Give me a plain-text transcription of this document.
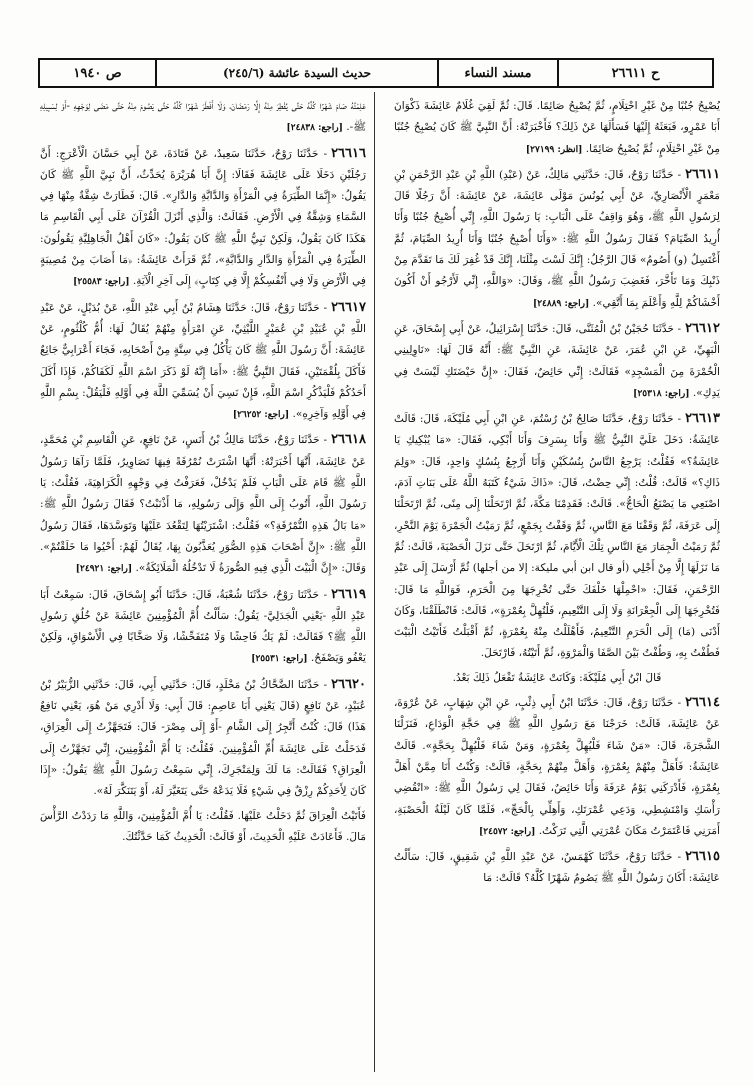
ص ١٩٤٠	حديث السيدة عائشة (٢٤٥/٦)	مسند النساء	ح ٢٦٦١١

يُصْبِحُ جُنُبًا مِنْ غَيْرِ احْتِلَامٍ، ثُمَّ يُصْبِحُ صَائِمًا. قَالَ: ثُمَّ لَقِيَ غُلَامٌ عَائِشَةَ ذَكْوَانَ أَبَا عَمْرٍو، فَبَعَثَهُ إِلَيْهَا فَسَأَلَهَا عَنْ ذَلِكَ؟ فَأَخْبَرَتْهُ: أَنَّ النَّبِيَّ ﷺ كَانَ يُصْبِحُ جُنُبًا مِنْ غَيْرِ احْتِلَامٍ، ثُمَّ يُصْبِحُ صَائِمًا. [انظر: ٢٧١٩٩]

٢٦٦١١- حَدَّثَنَا رَوْحٌ، قَالَ: حَدَّثَنِي مَالِكٌ، عَنْ (عَبْدِ) اللَّهِ بْنِ عَبْدِ الرَّحْمَنِ بْنِ مَعْمَرٍ الْأَنْصَارِيِّ، عَنْ أَبِي يُونُسَ مَوْلَى عَائِشَةَ، عَنْ عَائِشَةَ: أَنَّ رَجُلًا قَالَ لِرَسُولِ اللَّهِ ﷺ، وَهُوَ وَاقِفٌ عَلَى الْبَابِ: يَا رَسُولَ اللَّهِ، إِنِّي أُصْبِحُ جُنُبًا وَأَنَا أُرِيدُ الصِّيَامَ؟ فَقَالَ رَسُولُ اللَّهِ ﷺ: «وَأَنَا أُصْبِحُ جُنُبًا وَأَنَا أُرِيدُ الصِّيَامَ، ثُمَّ أَغْتَسِلُ (و) أَصُومُ» قَالَ الرَّجُلُ: إِنَّكَ لَسْتَ مِثْلَنَا، إِنَّكَ قَدْ غُفِرَ لَكَ مَا تَقَدَّمَ مِنْ ذَنْبِكَ وَمَا تَأَخَّرَ، فَغَضِبَ رَسُولُ اللَّهِ ﷺ، وَقَالَ: «وَاللَّهِ، إِنِّي لَأَرْجُو أَنْ أَكُونَ أَخْشَاكُمْ لِلَّهِ وَأَعْلَمَ بِمَا أَتَّقِي». [راجع: ٢٤٨٨٩]

٢٦٦١٢- حَدَّثَنَا حُجَيْنُ بْنُ الْمُثَنَّى، قَالَ: حَدَّثَنَا إِسْرَائِيلُ، عَنْ أَبِي إِسْحَاقَ، عَنِ الْبَهِيِّ، عَنِ ابْنِ عُمَرَ، عَنْ عَائِشَةَ، عَنِ النَّبِيِّ ﷺ: أَنَّهُ قَالَ لَهَا: «نَاوِلِينِي الْخُمْرَةَ مِنَ الْمَسْجِدِ» فَقَالَتْ: إِنِّي حَائِضٌ، فَقَالَ: «إِنَّ حَيْضَتَكِ لَيْسَتْ فِي يَدِكِ». [راجع: ٢٥٣١٨]

٢٦٦١٣- حَدَّثَنَا رَوْحٌ، حَدَّثَنَا صَالِحُ بْنُ رُسْتُمَ، عَنِ ابْنِ أَبِي مُلَيْكَةَ، قَالَ: قَالَتْ عَائِشَةُ: دَخَلَ عَلَيَّ النَّبِيُّ ﷺ وَأَنَا بِسَرِفَ وَأَنَا أَبْكِي، فَقَالَ: «مَا يُبْكِيكِ يَا عَائِشَةُ؟» فَقُلْتُ: يَرْجِعُ النَّاسُ بِنُسُكَيْنِ وَأَنَا أَرْجِعُ بِنُسُكٍ وَاحِدٍ، قَالَ: «وَلِمَ ذَاكِ؟» قَالَتْ: قُلْتُ: إِنِّي حِضْتُ، قَالَ: «ذَاكَ شَيْءٌ كَتَبَهُ اللَّهُ عَلَى بَنَاتِ آدَمَ، اصْنَعِي مَا يَصْنَعُ الْحَاجُّ». قَالَتْ: فَقَدِمْنَا مَكَّةَ، ثُمَّ ارْتَحَلْنَا إِلَى مِنًى، ثُمَّ ارْتَحَلْنَا إِلَى عَرَفَةَ، ثُمَّ وَقَفْنَا مَعَ النَّاسِ، ثُمَّ وَقَفْتُ بِجَمْعٍ، ثُمَّ رَمَيْتُ الْجَمْرَةَ يَوْمَ النَّحْرِ، ثُمَّ رَمَيْتُ الْجِمَارَ مَعَ النَّاسِ تِلْكَ الْأَيَّامَ، ثُمَّ ارْتَحَلَ حَتَّى نَزَلَ الْحَصْبَةَ، قَالَتْ: ثُمَّ مَا نَزَلَهَا إِلَّا مِنْ أَجْلِي (أو قال ابن أبي مليكة: إلا من أجلها) ثُمَّ أَرْسَلَ إِلَى عَبْدِ الرَّحْمَنِ، فَقَالَ: «احْمِلْهَا خَلْفَكَ حَتَّى تُخْرِجَهَا مِنَ الْحَرَمِ، فَوَاللَّهِ مَا قَالَ: فَتُخْرِجَهَا إِلَى الْجِعْرَانَةِ وَلَا إِلَى التَّنْعِيمِ، فَلْتُهِلَّ بِعُمْرَةٍ»، قَالَتْ: فَانْطَلَقْنَا، وَكَانَ أَدْنَى (مَا) إِلَى الْحَرَمِ التَّنْعِيمُ، فَأَهْلَلْتُ مِنْهُ بِعُمْرَةٍ، ثُمَّ أَقْبَلْتُ فَأَتَيْتُ الْبَيْتَ فَطُفْتُ بِهِ، وَطُفْتُ بَيْنَ الصَّفَا وَالْمَرْوَةِ، ثُمَّ أَتَيْتُهُ، فَارْتَحَلَ.

قَالَ ابْنُ أَبِي مُلَيْكَةَ: وَكَانَتْ عَائِشَةُ تَفْعَلُ ذَلِكَ بَعْدُ.

٢٦٦١٤- حَدَّثَنَا رَوْحٌ، قَالَ: حَدَّثَنَا ابْنُ أَبِي ذِئْبٍ، عَنِ ابْنِ شِهَابٍ، عَنْ عُرْوَةَ، عَنْ عَائِشَةَ، قَالَتْ: خَرَجْنَا مَعَ رَسُولِ اللَّهِ ﷺ فِي حَجَّةِ الْوَدَاعِ، فَنَزَلْنَا الشَّجَرَةَ، قَالَ: «مَنْ شَاءَ فَلْيُهِلَّ بِعُمْرَةٍ، وَمَنْ شَاءَ فَلْيُهِلَّ بِحَجَّةٍ». قَالَتْ عَائِشَةُ: فَأَهَلَّ مِنْهُمْ بِعُمْرَةٍ، وَأَهَلَّ مِنْهُمْ بِحَجَّةٍ، قَالَتْ: وَكُنْتُ أَنَا مِمَّنْ أَهَلَّ بِعُمْرَةٍ، فَأَدْرَكَنِي يَوْمُ عَرَفَةَ وَأَنَا حَائِضٌ، فَقَالَ لِي رَسُولُ اللَّهِ ﷺ: «انْقُضِي رَأْسَكِ وَامْتَشِطِي، وَدَعِي عُمْرَتَكِ، وَأَهِلِّي بِالْحَجِّ»، فَلَمَّا كَانَ لَيْلَةُ الْحَصْبَةِ، أَمَرَنِي فَاعْتَمَرْتُ مَكَانَ عُمْرَتِي الَّتِي تَرَكْتُ. [راجع: ٢٤٥٧٢]

٢٦٦١٥- حَدَّثَنَا رَوْحٌ، حَدَّثَنَا كَهْمَسٌ، عَنْ عَبْدِ اللَّهِ بْنِ شَقِيقٍ، قَالَ: سَأَلْتُ عَائِشَةَ: أَكَانَ رَسُولُ اللَّهِ ﷺ يَصُومُ شَهْرًا كُلَّهُ؟ قَالَتْ: مَا

عَلِمْتُهُ صَامَ شَهْرًا كُلَّهُ حَتَّى يُفْطِرَ مِنْهُ إِلَّا رَمَضَانَ، وَلَا أَفْطَرَ شَهْرًا كُلَّهُ حَتَّى يَصُومَ مِنْهُ حَتَّى مَضَى لِوَجْهِهِ -أَوْ لِسَبِيلِهِ ﷺ-. [راجع: ٢٤٨٣٨]

٢٦٦١٦- حَدَّثَنَا رَوْحٌ، حَدَّثَنَا سَعِيدٌ، عَنْ قَتَادَةَ، عَنْ أَبِي حَسَّانَ الْأَعْرَجِ: أَنَّ رَجُلَيْنِ دَخَلَا عَلَى عَائِشَةَ فَقَالَا: إِنَّ أَبَا هُرَيْرَةَ يُحَدِّثُ، أَنَّ نَبِيَّ اللَّهِ ﷺ كَانَ يَقُولُ: «إِنَّمَا الطِّيَرَةُ فِي الْمَرْأَةِ وَالدَّابَّةِ وَالدَّارِ». قَالَ: فَطَارَتْ شِقَّةٌ مِنْهَا فِي السَّمَاءِ وَشِقَّةٌ فِي الْأَرْضِ. فَقَالَتْ: وَالَّذِي أَنْزَلَ الْقُرْآنَ عَلَى أَبِي الْقَاسِمِ مَا هَكَذَا كَانَ يَقُولُ، وَلَكِنْ نَبِيُّ اللَّهِ ﷺ كَانَ يَقُولُ: «كَانَ أَهْلُ الْجَاهِلِيَّةِ يَقُولُونَ: الطِّيَرَةُ فِي الْمَرْأَةِ وَالدَّارِ وَالدَّابَّةِ»، ثُمَّ قَرَأَتْ عَائِشَةُ: ﴿مَا أَصَابَ مِنْ مُصِيبَةٍ فِي الْأَرْضِ وَلَا فِي أَنْفُسِكُمْ إِلَّا فِي كِتَابٍ﴾ إِلَى آخِرِ الْآيَةِ. [راجع: ٢٥٥٨٣]

٢٦٦١٧- حَدَّثَنَا رَوْحٌ، قَالَ: حَدَّثَنَا هِشَامُ بْنُ أَبِي عَبْدِ اللَّهِ، عَنْ بُدَيْلٍ، عَنْ عَبْدِ اللَّهِ بْنِ عُبَيْدِ بْنِ عُمَيْرٍ اللَّيْثِيِّ، عَنِ امْرَأَةٍ مِنْهُمْ يُقَالُ لَهَا: أُمُّ كُلْثُومٍ، عَنْ عَائِشَةَ: أَنَّ رَسُولَ اللَّهِ ﷺ كَانَ يَأْكُلُ فِي سِتَّةٍ مِنْ أَصْحَابِهِ، فَجَاءَ أَعْرَابِيٌّ جَائِعٌ فَأَكَلَ بِلُقْمَتَيْنِ، فَقَالَ النَّبِيُّ ﷺ: «أَمَا إِنَّهُ لَوْ ذَكَرَ اسْمَ اللَّهِ لَكَفَاكُمْ، فَإِذَا أَكَلَ أَحَدُكُمْ فَلْيَذْكُرِ اسْمَ اللَّهِ، فَإِنْ نَسِيَ أَنْ يُسَمِّيَ اللَّهَ فِي أَوَّلِهِ فَلْيَقُلْ: بِسْمِ اللَّهِ فِي أَوَّلِهِ وَآخِرِهِ». [راجع: ٢٦٢٥٢]

٢٦٦١٨- حَدَّثَنَا رَوْحٌ، حَدَّثَنَا مَالِكُ بْنُ أَنَسٍ، عَنْ نَافِعٍ، عَنِ الْقَاسِمِ بْنِ مُحَمَّدٍ، عَنْ عَائِشَةَ، أَنَّهَا أَخْبَرَتْهُ: أَنَّهَا اشْتَرَتْ نُمْرُقَةً فِيهَا تَصَاوِيرُ، فَلَمَّا رَآهَا رَسُولُ اللَّهِ ﷺ قَامَ عَلَى الْبَابِ فَلَمْ يَدْخُلْ، فَعَرَفْتُ فِي وَجْهِهِ الْكَرَاهِيَةَ، فَقُلْتُ: يَا رَسُولَ اللَّهِ، أَتُوبُ إِلَى اللَّهِ وَإِلَى رَسُولِهِ، مَا أَذْنَبْتُ؟ فَقَالَ رَسُولُ اللَّهِ ﷺ: «مَا بَالُ هَذِهِ النُّمْرُقَةِ؟» فَقُلْتُ: اشْتَرَيْتُهَا لِتَقْعُدَ عَلَيْهَا وَتَوَسَّدَهَا، فَقَالَ رَسُولُ اللَّهِ ﷺ: «إِنَّ أَصْحَابَ هَذِهِ الصُّوَرِ يُعَذَّبُونَ بِهَا، يُقَالُ لَهُمْ: أَحْيُوا مَا خَلَقْتُمْ». وَقَالَ: «إِنَّ الْبَيْتَ الَّذِي فِيهِ الصُّورَةُ لَا تَدْخُلُهُ الْمَلَائِكَةُ». [راجع: ٢٤٩٢١]

٢٦٦١٩- حَدَّثَنَا رَوْحٌ، حَدَّثَنَا شُعْبَةُ، قَالَ: حَدَّثَنَا أَبُو إِسْحَاقَ، قَالَ: سَمِعْتُ أَبَا عَبْدِ اللَّهِ -يَعْنِي الْجَدَلِيَّ- يَقُولُ: سَأَلْتُ أُمَّ الْمُؤْمِنِينَ عَائِشَةَ عَنْ خُلُقِ رَسُولِ اللَّهِ ﷺ؟ فَقَالَتْ: لَمْ يَكُ فَاحِشًا وَلَا مُتَفَحِّشًا، وَلَا صَخَّابًا فِي الْأَسْوَاقِ، وَلَكِنْ يَعْفُو وَيَصْفَحُ. [راجع: ٢٥٥٣١]

٢٦٦٢٠- حَدَّثَنَا الضَّحَّاكُ بْنُ مَخْلَدٍ، قَالَ: حَدَّثَنِي أَبِي، قَالَ: حَدَّثَنِي الزُّبَيْرُ بْنُ عُبَيْدٍ، عَنْ نَافِعٍ (قَالَ يَعْنِي أَبَا عَاصِمٍ: قَالَ أَبِي: وَلَا أَدْرِي مَنْ هُوَ، يَعْنِي نَافِعٌ هَذَا) قَالَ: كُنْتُ أَتَّجِرُ إِلَى الشَّامِ -أَوْ إِلَى مِصْرَ- قَالَ: فَتَجَهَّزْتُ إِلَى الْعِرَاقِ، فَدَخَلْتُ عَلَى عَائِشَةَ أُمِّ الْمُؤْمِنِينَ. فَقُلْتُ: يَا أُمَّ الْمُؤْمِنِينَ، إِنِّي تَجَهَّزْتُ إِلَى الْعِرَاقِ؟ فَقَالَتْ: مَا لَكَ وَلِمَتْجَرِكَ، إِنِّي سَمِعْتُ رَسُولَ اللَّهِ ﷺ يَقُولُ: «إِذَا كَانَ لِأَحَدِكُمْ رِزْقٌ فِي شَيْءٍ فَلَا يَدَعْهُ حَتَّى يَتَغَيَّرَ لَهُ، أَوْ يَتَنَكَّرَ لَهُ».

فَأَتَيْتُ الْعِرَاقَ ثُمَّ دَخَلْتُ عَلَيْهَا. فَقُلْتُ: يَا أُمَّ الْمُؤْمِنِينَ، وَاللَّهِ مَا رَدَدْتُ الرَّأْسَ مَالَ. فَأَعَادَتْ عَلَيْهِ الْحَدِيثَ، أَوْ قَالَتْ: الْحَدِيثُ كَمَا حَدَّثْتُكَ.
